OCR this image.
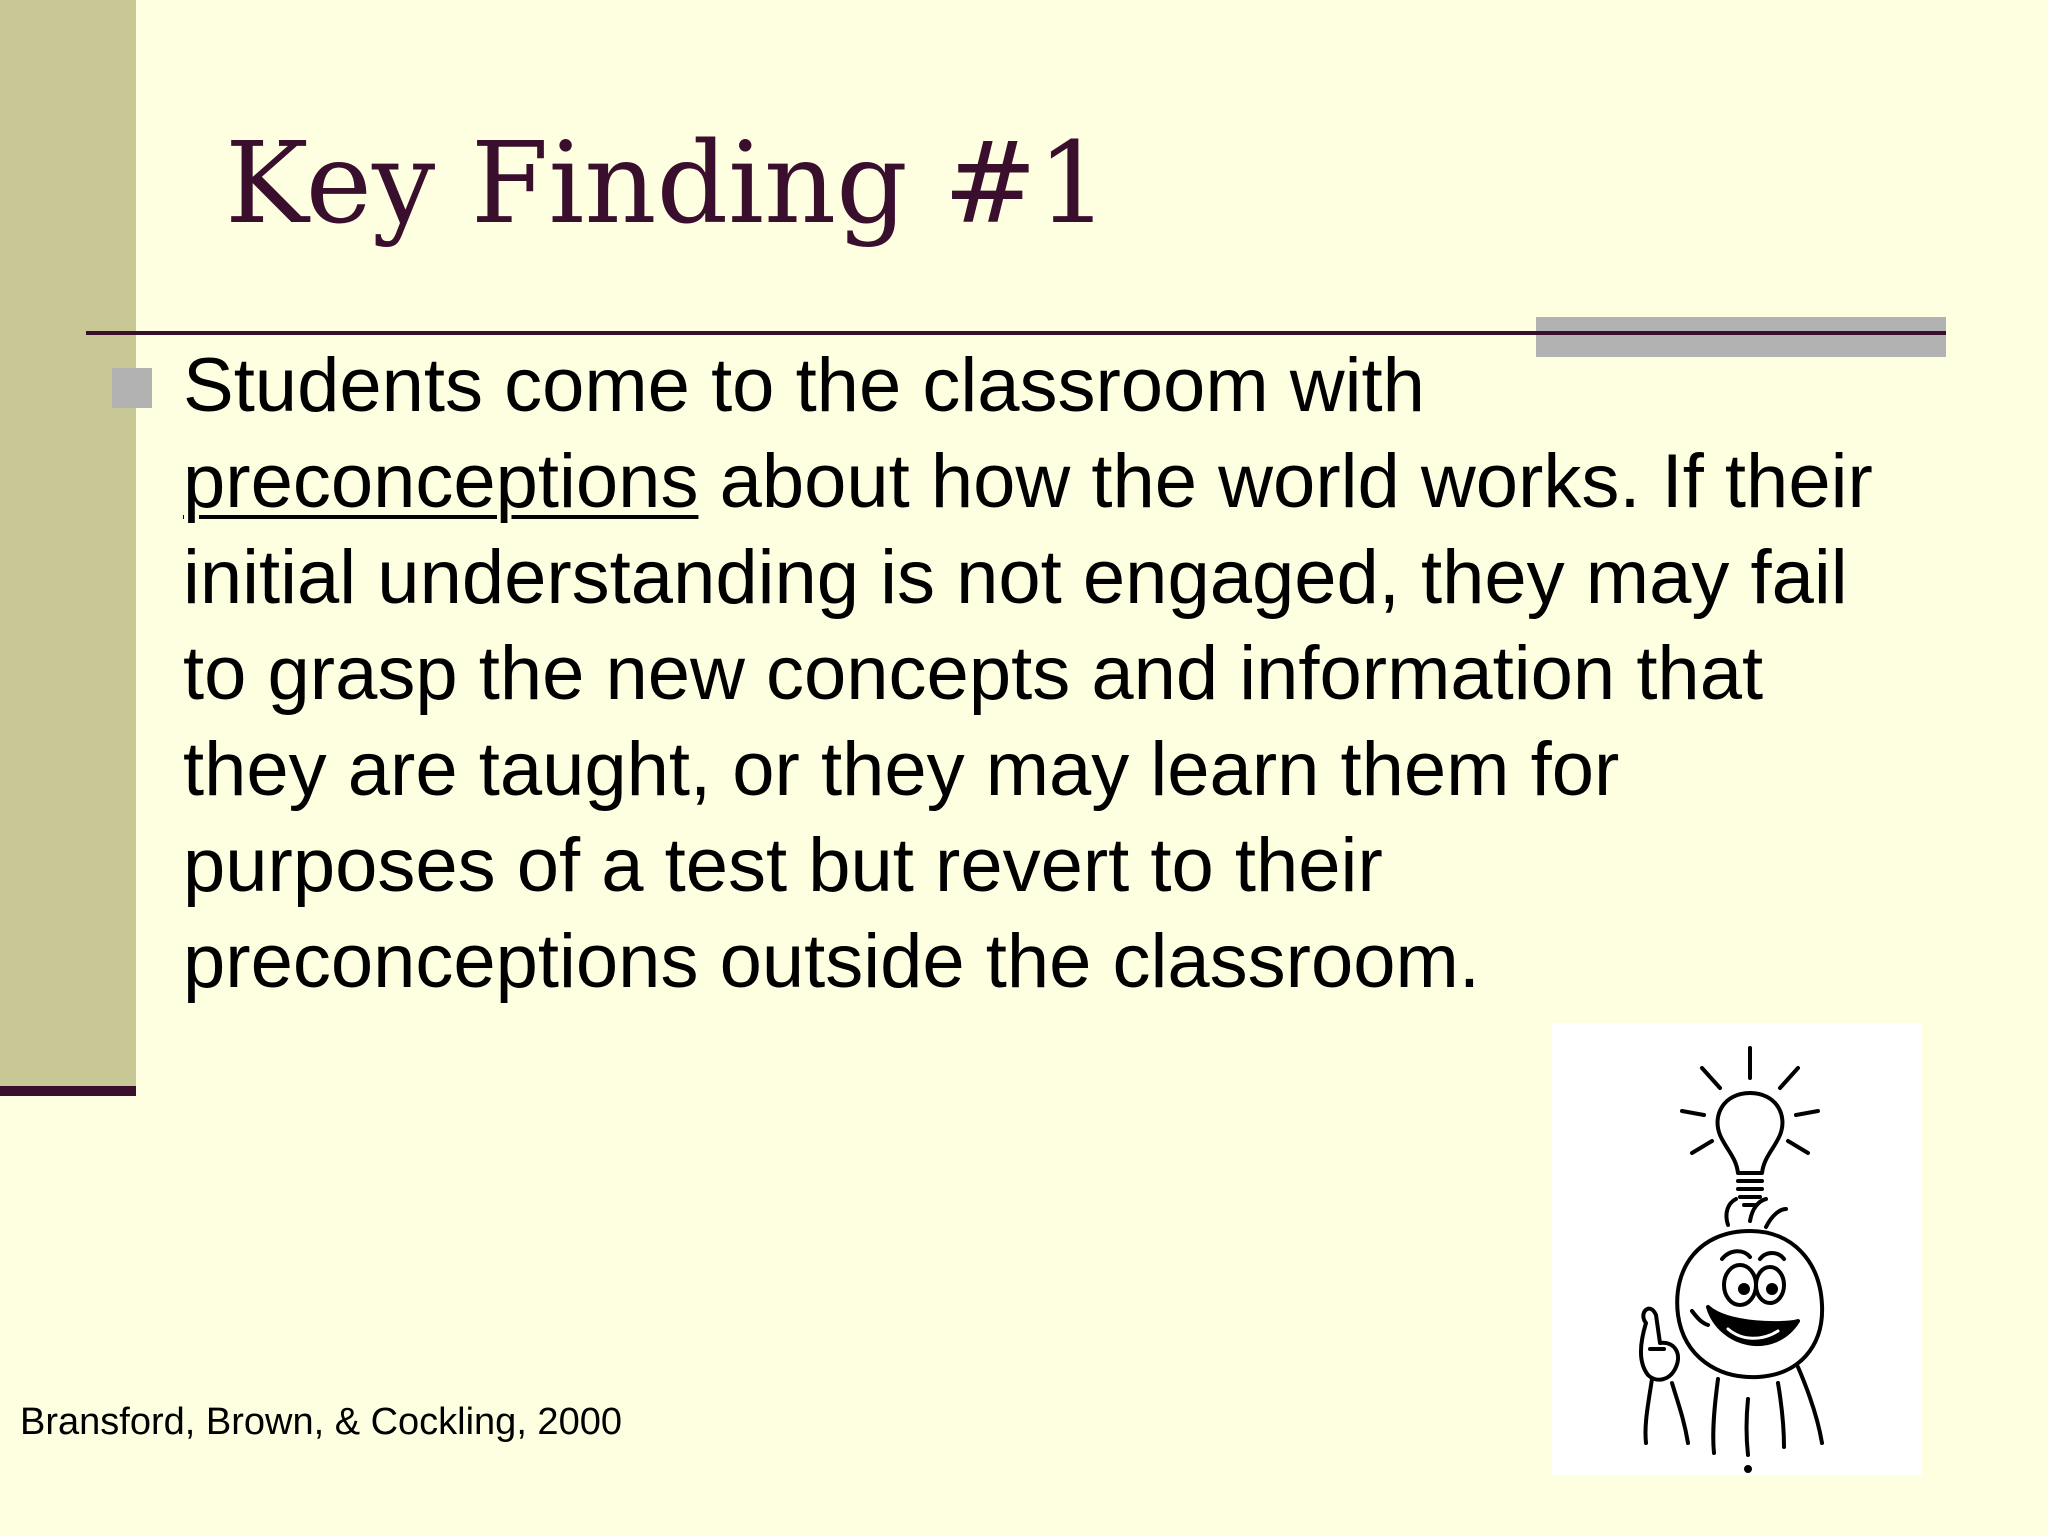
Key Finding #1
Students come to the classroom with preconceptions about how the world works. If their initial understanding is not engaged, they may fail to grasp the new concepts and information that they are taught, or they may learn them for purposes of a test but revert to their preconceptions outside the classroom.
Bransford, Brown, & Cockling, 2000
